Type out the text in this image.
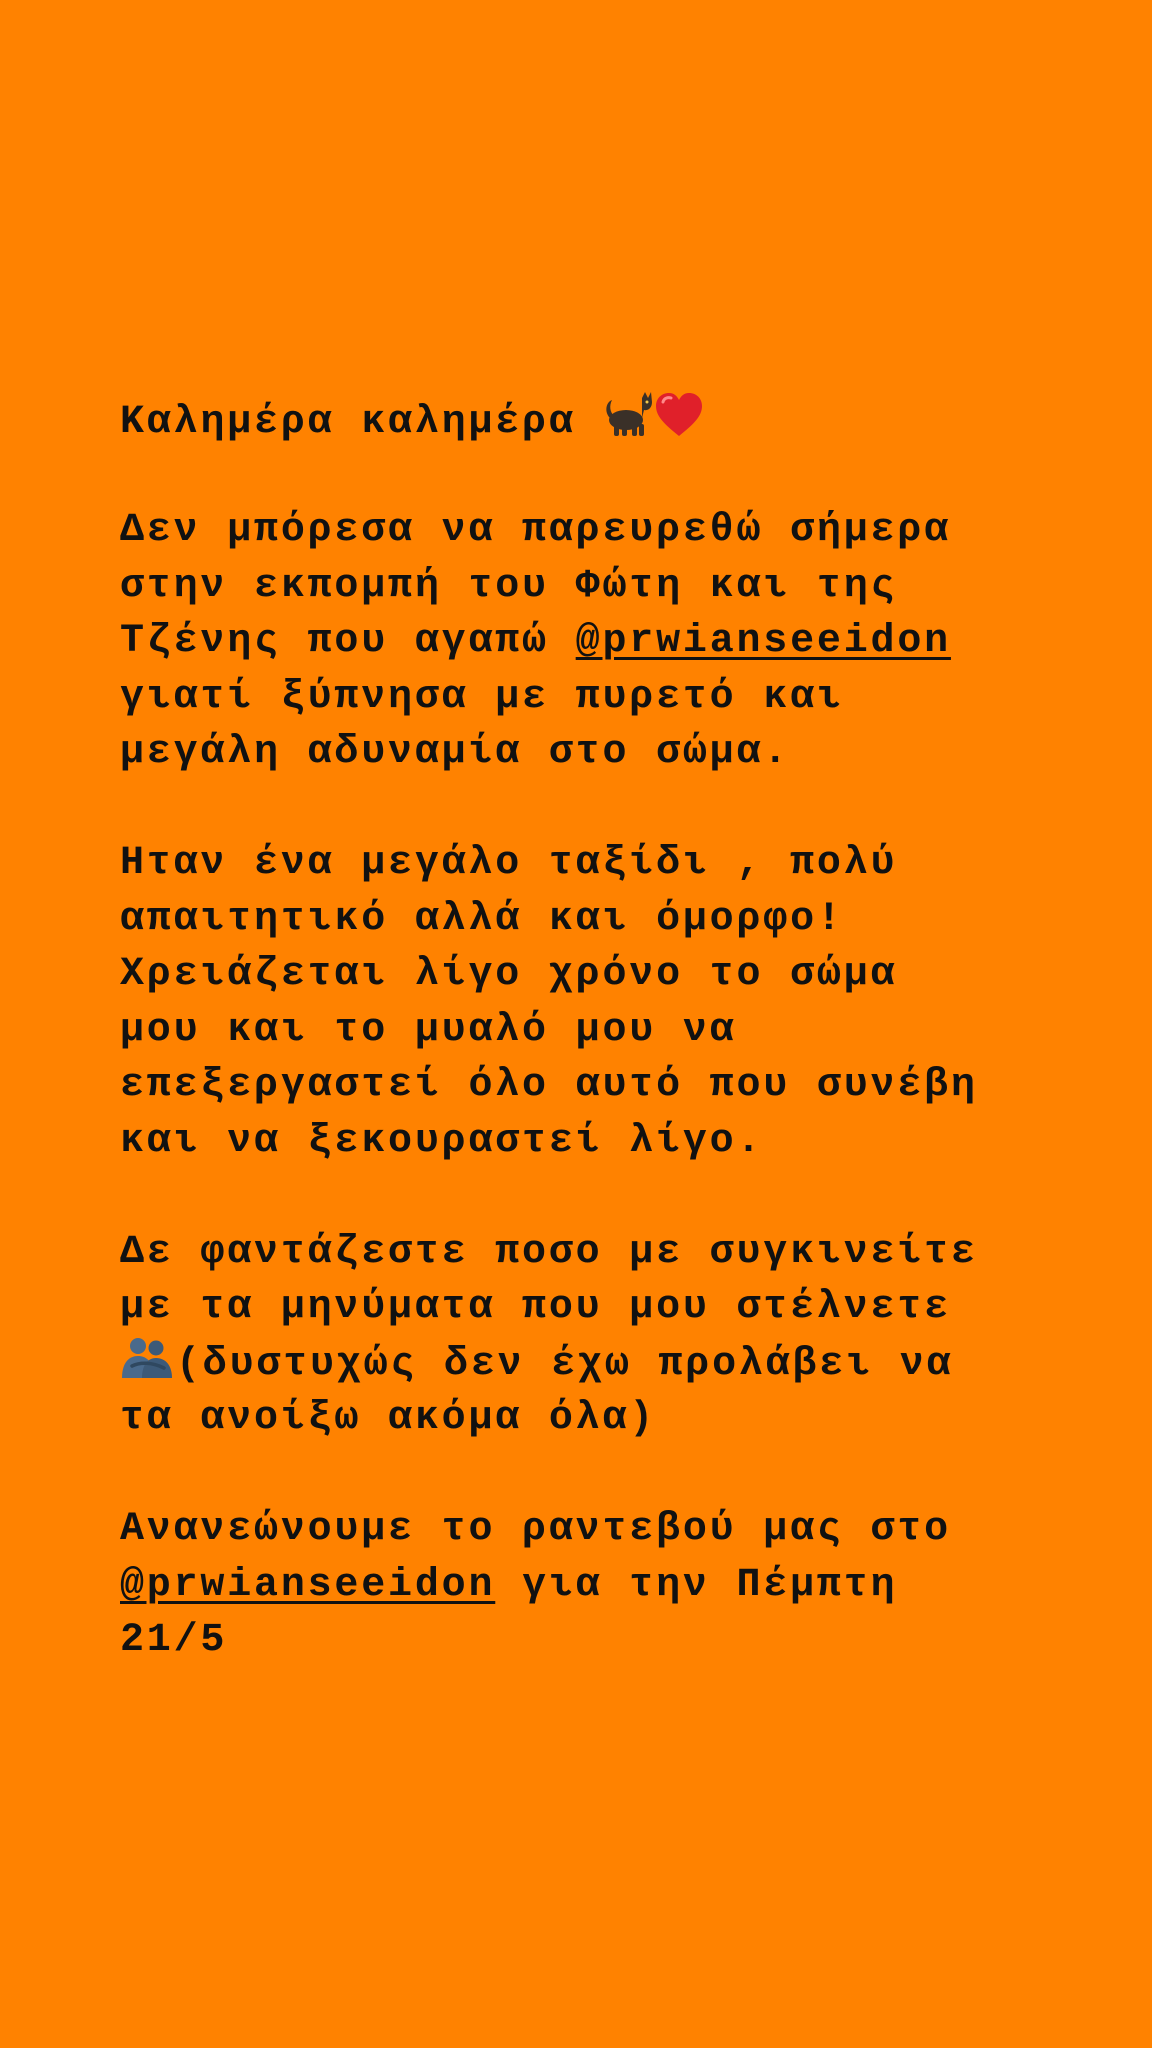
Καλημέρα καλημέρα
Δεν μπόρεσα να παρευρεθώ σήμερα
στην εκπομπή του Φώτη και της
Τζένης που αγαπώ @prwianseeidon
γιατί ξύπνησα με πυρετό και
μεγάλη αδυναμία στο σώμα.
Ηταν ένα μεγάλο ταξίδι , πολύ
απαιτητικό αλλά και όμορφο!
Χρειάζεται λίγο χρόνο το σώμα
μου και το μυαλό μου να
επεξεργαστεί όλο αυτό που συνέβη
και να ξεκουραστεί λίγο.
Δε φαντάζεστε ποσο με συγκινείτε
με τα μηνύματα που μου στέλνετε
(δυστυχώς δεν έχω προλάβει να
τα ανοίξω ακόμα όλα)
Ανανεώνουμε το ραντεβού μας στο
@prwianseeidon για την Πέμπτη
21/5
